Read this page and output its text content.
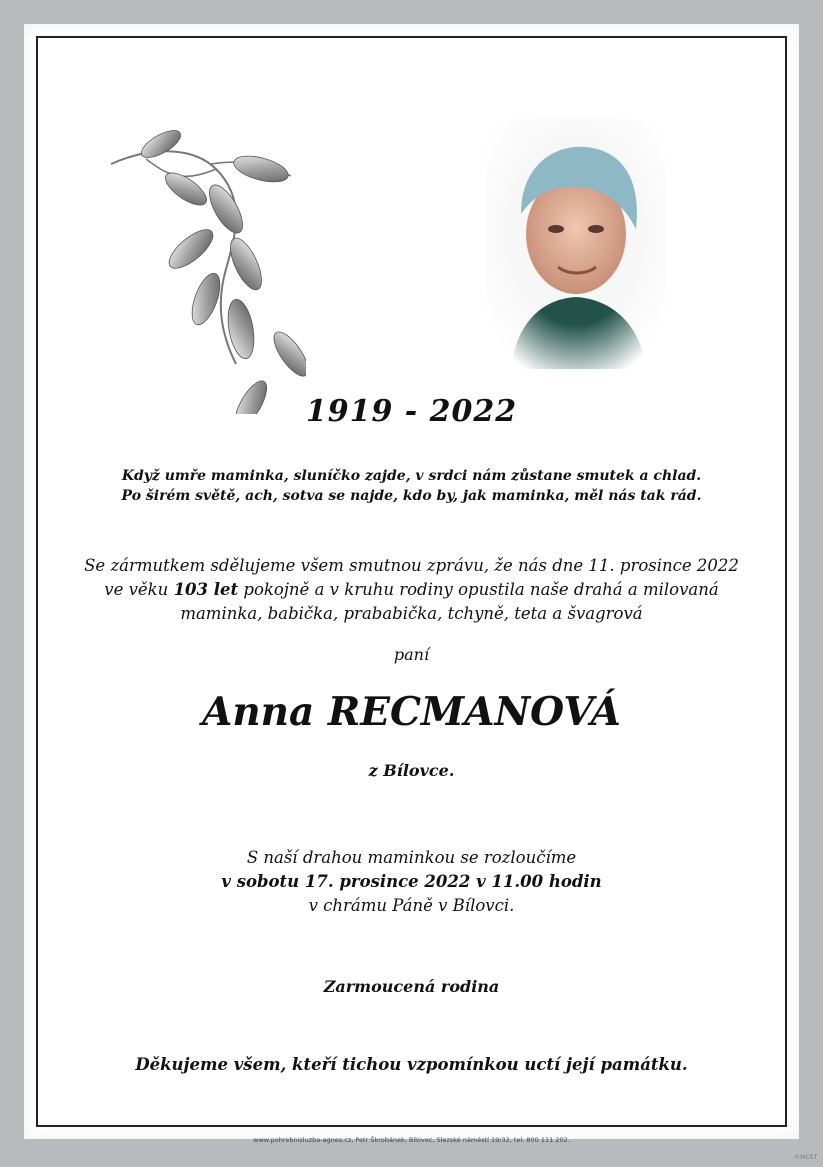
1919 - 2022
Když umře maminka, sluníčko zajde, v srdci nám zůstane smutek a chlad.
Po širém světě, ach, sotva se najde, kdo by, jak maminka, měl nás tak rád.
Se zármutkem sdělujeme všem smutnou zprávu, že nás dne 11. prosince 2022
ve věku 103 let pokojně a v kruhu rodiny opustila naše drahá a milovaná
maminka, babička, prababička, tchyně, teta a švagrová
paní
Anna RECMANOVÁ
z Bílovce.
S naší drahou maminkou se rozloučíme
v sobotu 17. prosince 2022 v 11.00 hodin
v chrámu Páně v Bílovci.
Zarmoucená rodina
Děkujeme všem, kteří tichou vzpomínkou uctí její památku.
www.pohrebnisluzba-agnes.cz, Petr Škrobánek, Bílovec, Slezské náměstí 19/32, tel. 800 111 202.
©MCST
